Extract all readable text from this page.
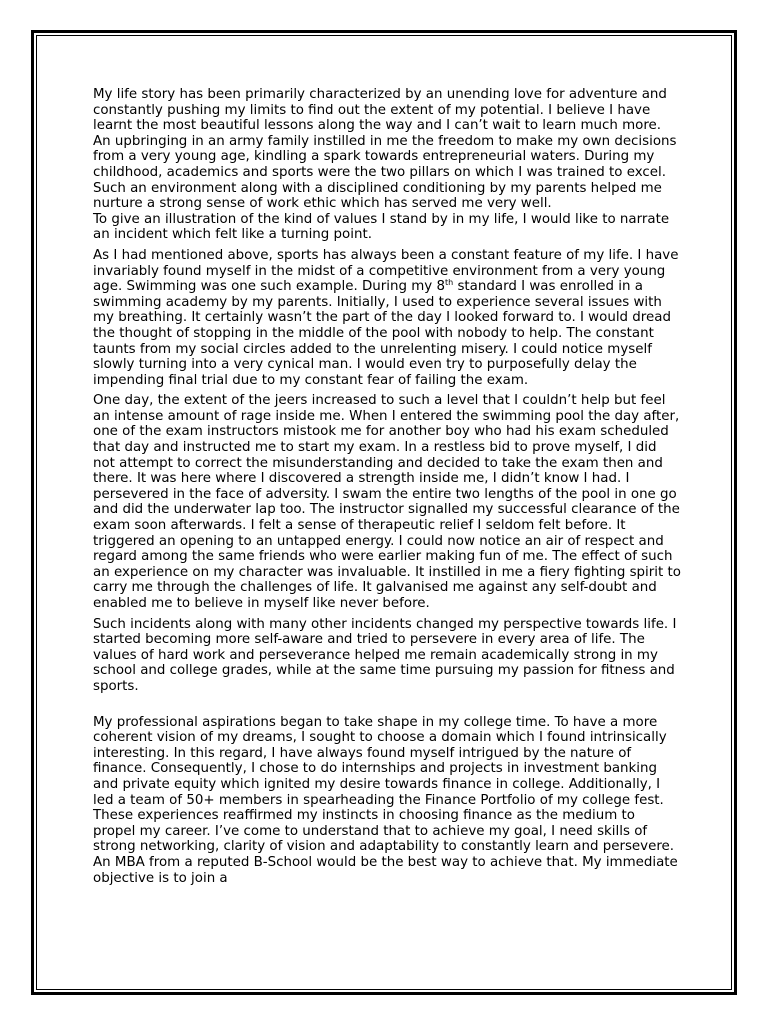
My life story has been primarily characterized by an unending love for adventure and constantly pushing my limits to find out the extent of my potential. I believe I have learnt the most beautiful lessons along the way and I can’t wait to learn much more. An upbringing in an army family instilled in me the freedom to make my own decisions from a very young age, kindling a spark towards entrepreneurial waters. During my childhood, academics and sports were the two pillars on which I was trained to excel. Such an environment along with a disciplined conditioning by my parents helped me nurture a strong sense of work ethic which has served me very well.

To give an illustration of the kind of values I stand by in my life, I would like to narrate an incident which felt like a turning point.

As I had mentioned above, sports has always been a constant feature of my life. I have invariably found myself in the midst of a competitive environment from a very young age. Swimming was one such example. During my 8th standard I was enrolled in a swimming academy by my parents. Initially, I used to experience several issues with my breathing. It certainly wasn’t the part of the day I looked forward to. I would dread the thought of stopping in the middle of the pool with nobody to help. The constant taunts from my social circles added to the unrelenting misery. I could notice myself slowly turning into a very cynical man. I would even try to purposefully delay the impending final trial due to my constant fear of failing the exam.

One day, the extent of the jeers increased to such a level that I couldn’t help but feel an intense amount of rage inside me. When I entered the swimming pool the day after, one of the exam instructors mistook me for another boy who had his exam scheduled that day and instructed me to start my exam. In a restless bid to prove myself, I did not attempt to correct the misunderstanding and decided to take the exam then and there. It was here where I discovered a strength inside me, I didn’t know I had. I persevered in the face of adversity. I swam the entire two lengths of the pool in one go and did the underwater lap too. The instructor signalled my successful clearance of the exam soon afterwards. I felt a sense of therapeutic relief I seldom felt before. It triggered an opening to an untapped energy. I could now notice an air of respect and regard among the same friends who were earlier making fun of me. The effect of such an experience on my character was invaluable. It instilled in me a fiery fighting spirit to carry me through the challenges of life. It galvanised me against any self-doubt and enabled me to believe in myself like never before.

Such incidents along with many other incidents changed my perspective towards life. I started becoming more self-aware and tried to persevere in every area of life. The values of hard work and perseverance helped me remain academically strong in my school and college grades, while at the same time pursuing my passion for fitness and sports.

My professional aspirations began to take shape in my college time. To have a more coherent vision of my dreams, I sought to choose a domain which I found intrinsically interesting. In this regard, I have always found myself intrigued by the nature of finance. Consequently, I chose to do internships and projects in investment banking and private equity which ignited my desire towards finance in college. Additionally, I led a team of 50+ members in spearheading the Finance Portfolio of my college fest. These experiences reaffirmed my instincts in choosing finance as the medium to propel my career. I’ve come to understand that to achieve my goal, I need skills of strong networking, clarity of vision and adaptability to constantly learn and persevere. An MBA from a reputed B-School would be the best way to achieve that. My immediate objective is to join a
